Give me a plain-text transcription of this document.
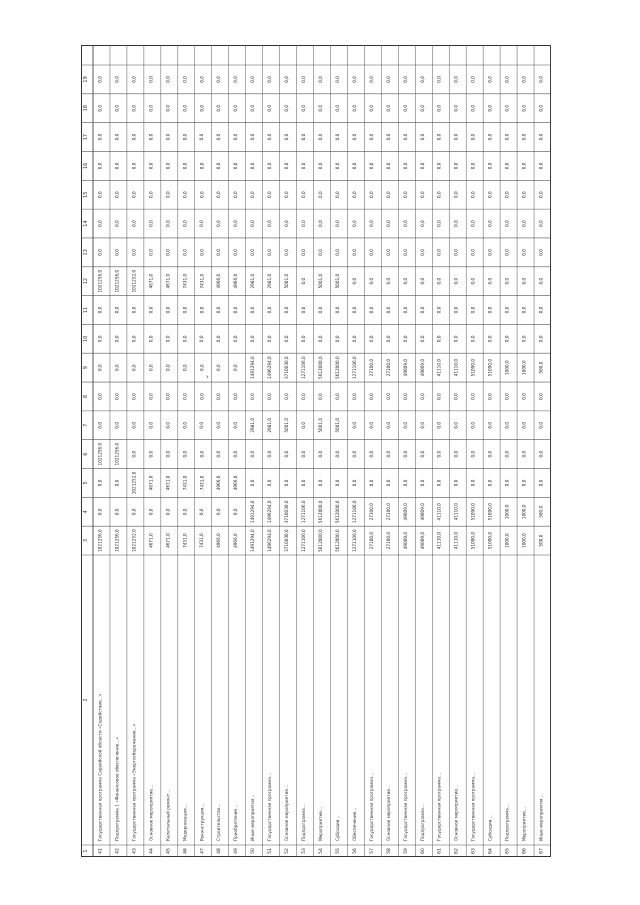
›
1
2
3
4
5
6
7
8
9
10
11
12
13
14
15
16
17
18
19
41
Государственная программа Сарвийской области «Содействие…»
1021256,0
0,0
0,0
1021256,0
0,0
0,0
0,0
0,0
0,0
1021256,0
0,0
0,0
0,0
0,0
0,0
0,0
0,0
42
Подпрограмма 1 «Финансовое обеспечение…»
1021256,0
0,0
0,0
1021256,0
0,0
0,0
0,0
0,0
0,0
1021256,0
0,0
0,0
0,0
0,0
0,0
0,0
0,0
43
Государственная программа «Энергосбережение…»
1021252,0
0,0
1021252,0
0,0
0,0
0,0
0,0
0,0
0,0
1021252,0
0,0
0,0
0,0
0,0
0,0
0,0
0,0
44
Основное мероприятие…
4671,0
0,0
4671,0
0,0
0,0
0,0
0,0
0,0
0,0
4671,0
0,0
0,0
0,0
0,0
0,0
0,0
0,0
45
Капитальный ремонт…
4671,0
0,0
4671,0
0,0
0,0
0,0
0,0
0,0
0,0
4671,0
0,0
0,0
0,0
0,0
0,0
0,0
0,0
46
Модернизация…
7431,0
0,0
7431,0
0,0
0,0
0,0
0,0
0,0
0,0
7431,0
0,0
0,0
0,0
0,0
0,0
0,0
0,0
47
Реконструкция…
7431,0
0,0
7431,0
0,0
0,0
0,0
0,0
0,0
0,0
7431,0
0,0
0,0
0,0
0,0
0,0
0,0
0,0
48
Строительство…
4966,0
0,0
4966,0
0,0
0,0
0,0
0,0
0,0
0,0
4966,0
0,0
0,0
0,0
0,0
0,0
0,0
0,0
49
Приобретение…
4966,0
0,0
4966,0
0,0
0,0
0,0
0,0
0,0
0,0
4966,0
0,0
0,0
0,0
0,0
0,0
0,0
0,0
50
Иные мероприятия…
1491294,0
1491294,0
0,0
0,0
2981,0
0,0
1491294,0
0,0
0,0
2981,0
0,0
0,0
0,0
0,0
0,0
0,0
0,0
51
Государственная программа…
1496294,0
1496294,0
0,0
0,0
2981,0
0,0
1496294,0
0,0
0,0
2981,0
0,0
0,0
0,0
0,0
0,0
0,0
0,0
52
Основное мероприятие…
3710030,0
3710030,0
0,0
0,0
5001,0
0,0
3710030,0
0,0
0,0
5001,0
0,0
0,0
0,0
0,0
0,0
0,0
0,0
53
Подпрограмма…
1271106,0
1271106,0
0,0
0,0
0,0
0,0
1271106,0
0,0
0,0
0,0
0,0
0,0
0,0
0,0
0,0
0,0
0,0
54
Мероприятие…
5612000,0
5612000,0
0,0
0,0
5001,0
0,0
5612000,0
0,0
0,0
5001,0
0,0
0,0
0,0
0,0
0,0
0,0
0,0
55
Субсидии…
5612000,0
5612000,0
0,0
0,0
5001,0
0,0
5612000,0
0,0
0,0
5001,0
0,0
0,0
0,0
0,0
0,0
0,0
0,0
56
Обеспечение…
1271106,0
1271106,0
0,0
0,0
0,0
0,0
1271106,0
0,0
0,0
0,0
0,0
0,0
0,0
0,0
0,0
0,0
0,0
57
Государственная программа…
27100,0
27100,0
0,0
0,0
0,0
0,0
27100,0
0,0
0,0
0,0
0,0
0,0
0,0
0,0
0,0
0,0
0,0
58
Основное мероприятие…
27100,0
27100,0
0,0
0,0
0,0
0,0
27100,0
0,0
0,0
0,0
0,0
0,0
0,0
0,0
0,0
0,0
0,0
59
Государственная программа…
49009,0
49009,0
0,0
0,0
0,0
0,0
49009,0
0,0
0,0
0,0
0,0
0,0
0,0
0,0
0,0
0,0
0,0
60
Подпрограмма…
49009,0
49009,0
0,0
0,0
0,0
0,0
49009,0
0,0
0,0
0,0
0,0
0,0
0,0
0,0
0,0
0,0
0,0
61
Государственная программа…
41110,0
41110,0
0,0
0,0
0,0
0,0
41110,0
0,0
0,0
0,0
0,0
0,0
0,0
0,0
0,0
0,0
0,0
62
Основное мероприятие…
41110,0
41110,0
0,0
0,0
0,0
0,0
41110,0
0,0
0,0
0,0
0,0
0,0
0,0
0,0
0,0
0,0
0,0
63
Государственная программа…
51090,0
51090,0
0,0
0,0
0,0
0,0
51090,0
0,0
0,0
0,0
0,0
0,0
0,0
0,0
0,0
0,0
0,0
64
Субсидии…
51090,0
51090,0
0,0
0,0
0,0
0,0
51090,0
0,0
0,0
0,0
0,0
0,0
0,0
0,0
0,0
0,0
0,0
65
Подпрограмма…
1000,0
1000,0
0,0
0,0
0,0
0,0
1000,0
0,0
0,0
0,0
0,0
0,0
0,0
0,0
0,0
0,0
0,0
66
Мероприятие…
1000,0
1000,0
0,0
0,0
0,0
0,0
1000,0
0,0
0,0
0,0
0,0
0,0
0,0
0,0
0,0
0,0
0,0
67
Иные мероприятия…
500,0
500,0
0,0
0,0
0,0
0,0
500,0
0,0
0,0
0,0
0,0
0,0
0,0
0,0
0,0
0,0
0,0
